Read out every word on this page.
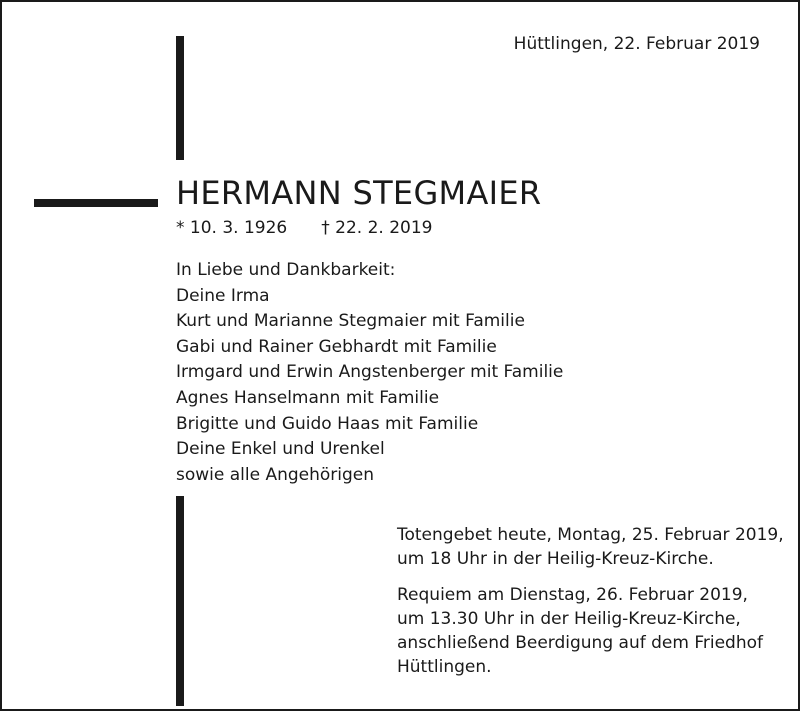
Hüttlingen, 22. Februar 2019
HERMANN STEGMAIER
* 10. 3. 1926 † 22. 2. 2019
In Liebe und Dankbarkeit:
Deine Irma
Kurt und Marianne Stegmaier mit Familie
Gabi und Rainer Gebhardt mit Familie
Irmgard und Erwin Angstenberger mit Familie
Agnes Hanselmann mit Familie
Brigitte und Guido Haas mit Familie
Deine Enkel und Urenkel
sowie alle Angehörigen
Totengebet heute, Montag, 25. Februar 2019,
um 18 Uhr in der Heilig-Kreuz-Kirche.
Requiem am Dienstag, 26. Februar 2019,
um 13.30 Uhr in der Heilig-Kreuz-Kirche,
anschließend Beerdigung auf dem Friedhof
Hüttlingen.
